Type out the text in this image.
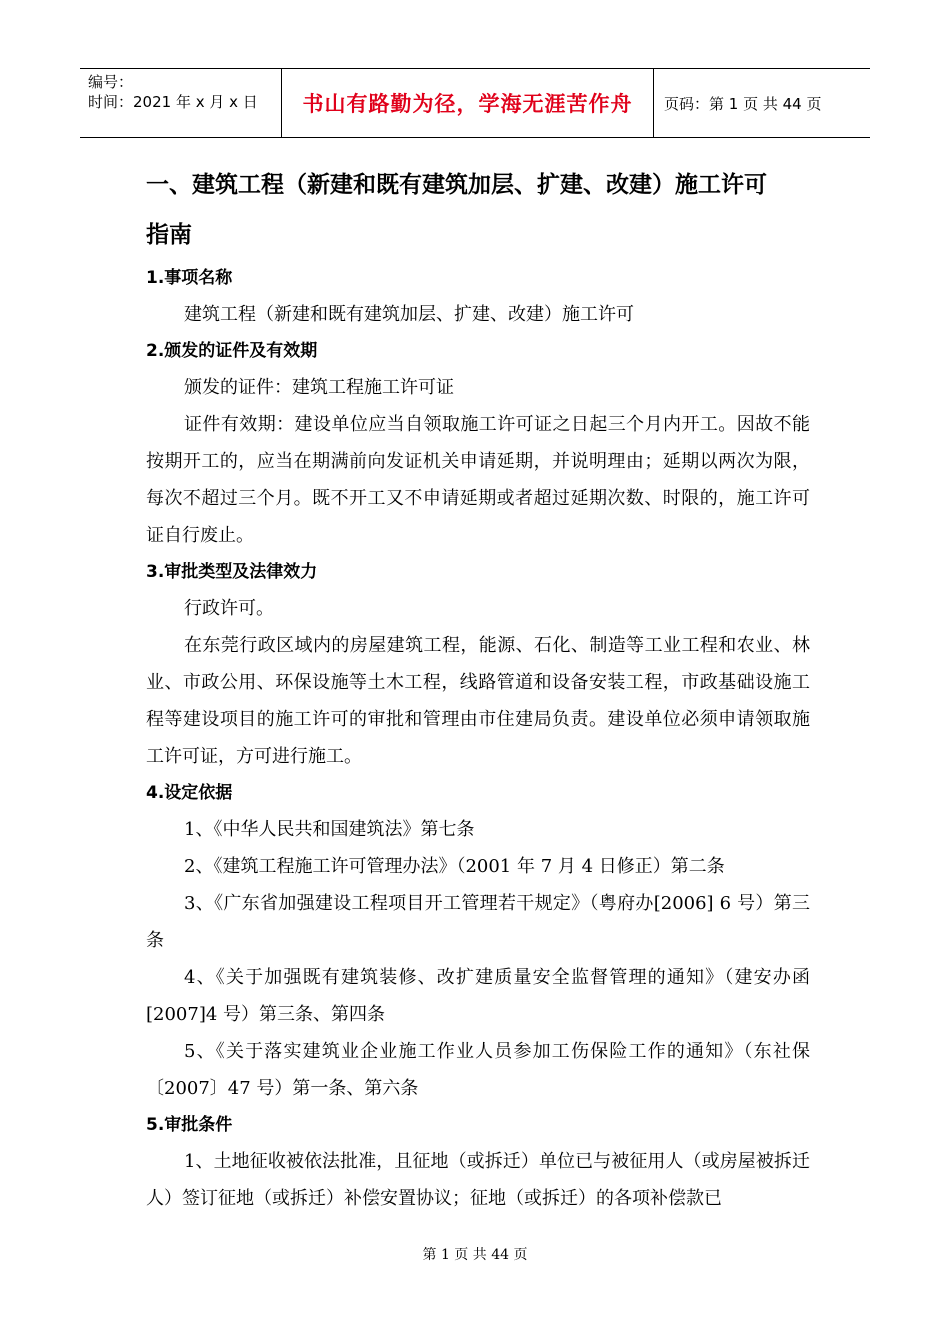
编号：
时间：2021 年 x 月 x 日	书山有路勤为径，学海无涯苦作舟 页码：第 1 页 共 44 页

一、建筑工程（新建和既有建筑加层、扩建、改建）施工许可

指南

1.事项名称

建筑工程（新建和既有建筑加层、扩建、改建）施工许可

2.颁发的证件及有效期

颁发的证件：建筑工程施工许可证

证件有效期：建设单位应当自领取施工许可证之日起三个月内开工。因故不能按期开工的，应当在期满前向发证机关申请延期，并说明理由；延期以两次为限，每次不超过三个月。既不开工又不申请延期或者超过延期次数、时限的，施工许可证自行废止。

3.审批类型及法律效力

行政许可。

在东莞行政区域内的房屋建筑工程，能源、石化、制造等工业工程和农业、林业、市政公用、环保设施等土木工程，线路管道和设备安装工程，市政基础设施工程等建设项目的施工许可的审批和管理由市住建局负责。建设单位必须申请领取施工许可证，方可进行施工。

4.设定依据

1、《中华人民共和国建筑法》第七条

2、《建筑工程施工许可管理办法》（2001 年 7 月 4 日修正）第二条

3、《广东省加强建设工程项目开工管理若干规定》（粤府办[2006] 6 号）第三条

4、《关于加强既有建筑装修、改扩建质量安全监督管理的通知》（建安办函[2007]4 号）第三条、第四条

5、《关于落实建筑业企业施工作业人员参加工伤保险工作的通知》（东社保〔2007〕47 号）第一条、第六条

5.审批条件

1、土地征收被依法批准，且征地（或拆迁）单位已与被征用人（或房屋被拆迁人）签订征地（或拆迁）补偿安置协议；征地（或拆迁）的各项补偿款已

第 1 页 共 44 页
